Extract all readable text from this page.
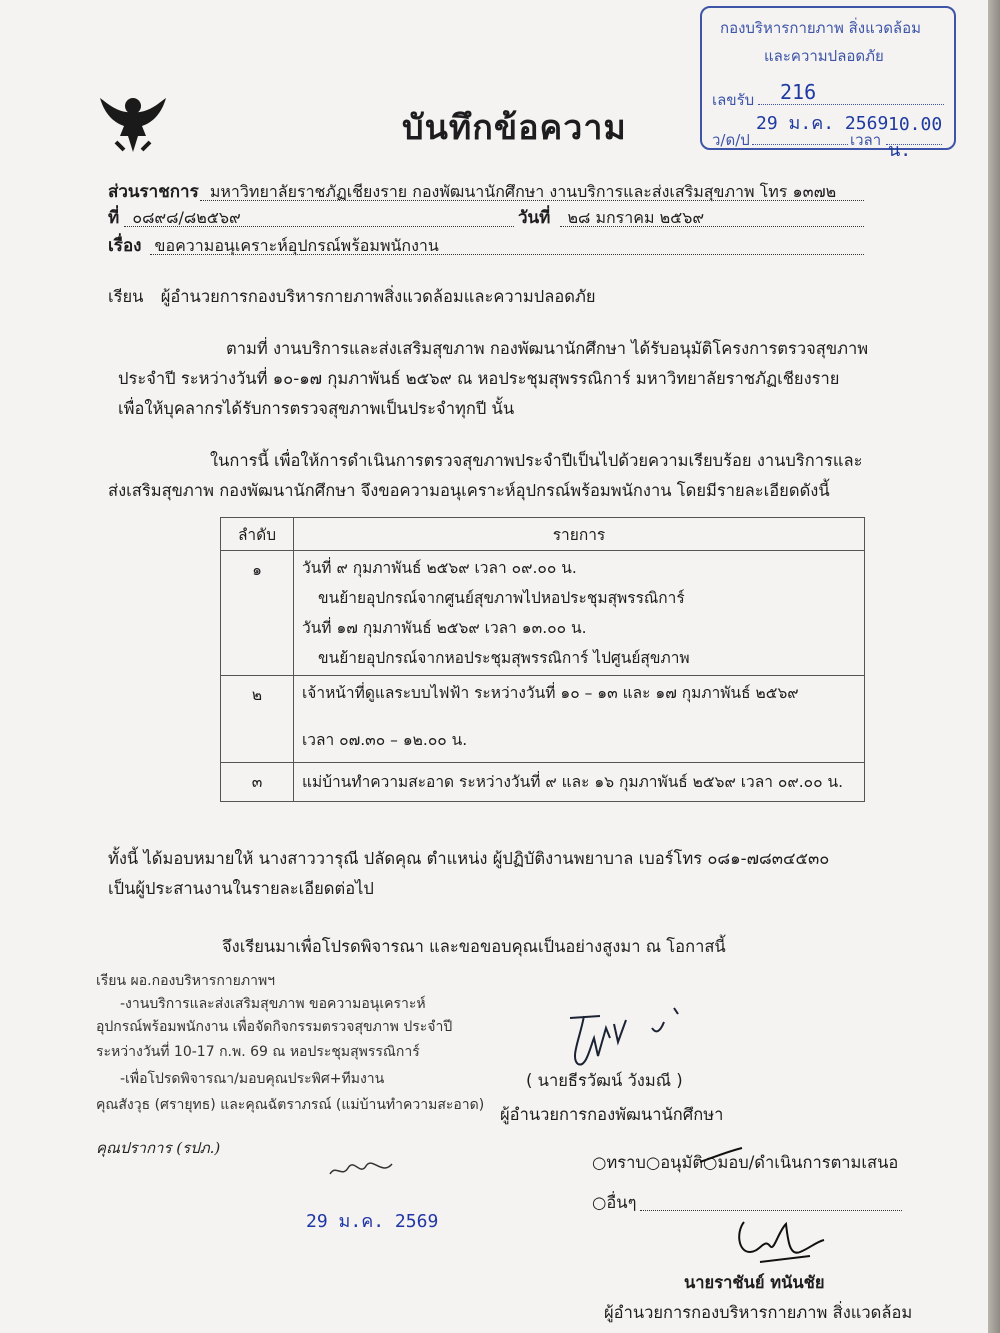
บันทึกข้อความ
กองบริหารกายภาพ สิ่งแวดล้อม
และความปลอดภัย
เลขรับ 216
ว/ด/ป
29 ม.ค. 2569
เวลา
10.00 น.
ส่วนราชการ มหาวิทยาลัยราชภัฏเชียงราย กองพัฒนานักศึกษา งานบริการและส่งเสริมสุขภาพ โทร ๑๓๗๒
ที่ ๐๘๙๘/๘๒๕๖๙	วันที่ ๒๘ มกราคม ๒๕๖๙
เรื่อง ขอความอนุเคราะห์อุปกรณ์พร้อมพนักงาน
เรียน ผู้อำนวยการกองบริหารกายภาพสิ่งแวดล้อมและความปลอดภัย
ตามที่ งานบริการและส่งเสริมสุขภาพ กองพัฒนานักศึกษา ได้รับอนุมัติโครงการตรวจสุขภาพ
ประจำปี ระหว่างวันที่ ๑๐-๑๗ กุมภาพันธ์ ๒๕๖๙ ณ หอประชุมสุพรรณิการ์ มหาวิทยาลัยราชภัฏเชียงราย
เพื่อให้บุคลากรได้รับการตรวจสุขภาพเป็นประจำทุกปี นั้น
ในการนี้ เพื่อให้การดำเนินการตรวจสุขภาพประจำปีเป็นไปด้วยความเรียบร้อย งานบริการและ
ส่งเสริมสุขภาพ กองพัฒนานักศึกษา จึงขอความอนุเคราะห์อุปกรณ์พร้อมพนักงาน โดยมีรายละเอียดดังนี้
ลำดับ	รายการ
๑	วันที่ ๙ กุมภาพันธ์ ๒๕๖๙ เวลา ๐๙.๐๐ น.
ขนย้ายอุปกรณ์จากศูนย์สุขภาพไปหอประชุมสุพรรณิการ์
วันที่ ๑๗ กุมภาพันธ์ ๒๕๖๙ เวลา ๑๓.๐๐ น.
ขนย้ายอุปกรณ์จากหอประชุมสุพรรณิการ์ ไปศูนย์สุขภาพ

๒	เจ้าหน้าที่ดูแลระบบไฟฟ้า ระหว่างวันที่ ๑๐ – ๑๓ และ ๑๗ กุมภาพันธ์ ๒๕๖๙
เวลา ๐๗.๓๐ – ๑๒.๐๐ น.

๓	แม่บ้านทำความสะอาด ระหว่างวันที่ ๙ และ ๑๖ กุมภาพันธ์ ๒๕๖๙ เวลา ๐๙.๐๐ น.
ทั้งนี้ ได้มอบหมายให้ นางสาววารุณี ปลัดคุณ ตำแหน่ง ผู้ปฏิบัติงานพยาบาล เบอร์โทร ๐๘๑-๗๘๓๔๕๓๐
เป็นผู้ประสานงานในรายละเอียดต่อไป
จึงเรียนมาเพื่อโปรดพิจารณา และขอขอบคุณเป็นอย่างสูงมา ณ โอกาสนี้
เรียน ผอ.กองบริหารกายภาพฯ
-งานบริการและส่งเสริมสุขภาพ ขอความอนุเคราะห์
อุปกรณ์พร้อมพนักงาน เพื่อจัดกิจกรรมตรวจสุขภาพ ประจำปี
ระหว่างวันที่ 10-17 ก.พ. 69 ณ หอประชุมสุพรรณิการ์
-เพื่อโปรดพิจารณา/มอบคุณประพิศ+ทีมงาน
คุณสังวุธ (ศรายุทธ) และคุณฉัตราภรณ์ (แม่บ้านทำความสะอาด)
คุณปราการ (รปภ.)
29 ม.ค. 2569
( นายธีรวัฒน์ วังมณี )
ผู้อำนวยการกองพัฒนานักศึกษา
○ทราบ○อนุมัติ○มอบ/ดำเนินการตามเสนอ
○อื่นๆ
นายราชันย์ ทนันชัย
ผู้อำนวยการกองบริหารกายภาพ สิ่งแวดล้อม
